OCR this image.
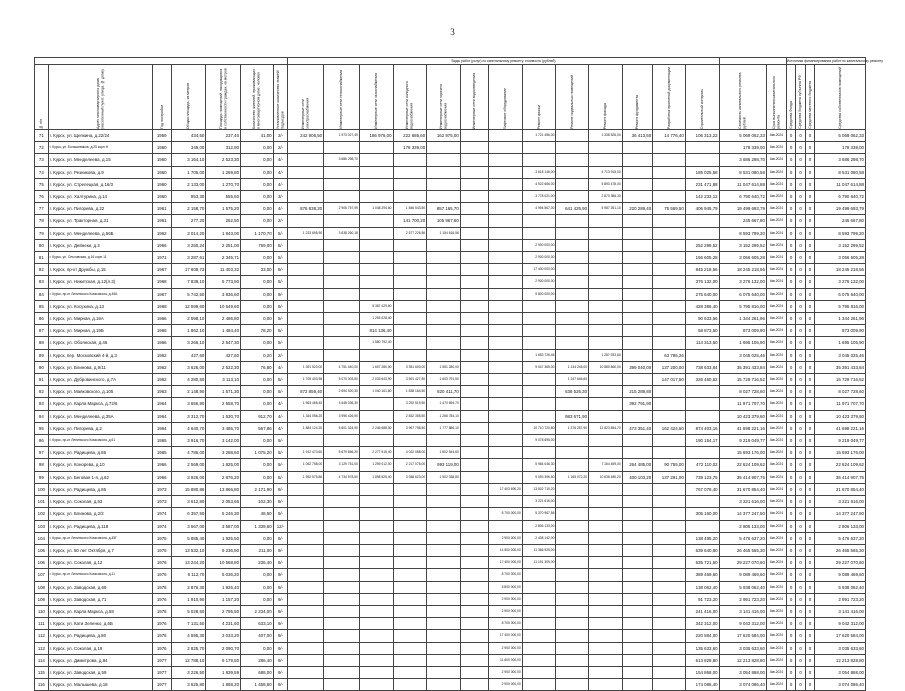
3
							Виды работ (услуг) по капитальному ремонту, стоимость (рублей)															Источники финансирования работ по капитальному ремонту			

№ п/п	Адрес многоквартирного дома (населенный пункт, улица, № дома)	Год постройки	Общая площадь, кв.метров	Площадь помещений, находящихся в собственности граждан, кв.метров	Количество жителей, проживающих в многоквартирном доме, человек	Установленное количество этажей/подъездов	Инженерные сети электроснабжения	Инженерные сети теплоснабжения	Инженерные сети газоснабжения	Инженерные сети холодного водоснабжения	Инженерные сети горячего водоснабжения	Инженерные сети водоотведения	Лифтовое оборудование	Ремонт крыши	Ремонт подвальных помещений	Ремонт фасада	Ремонт фундамента	Разработка проектной документации	Строительный контроль	Стоимость капитального ремонта, рублей	Срок выполнения капитального ремонта	Средства Фонда	Средства бюджета субъекта РФ	Средства местного бюджета	Средства собственников помещений

71	г. Курск, ул. Щепкина, д.22/24	1959	434,60	237,40	41,00	2/-	242 906,50	1 973 027,49	186 978,00	222 686,60	162 975,00			1 721 456,00		1 338 526,00	36 413,60	14 776,40	106 313,22	5 069 062,33	4кв.2024	0	0	0	5 069 062,33
72	г. Курск, ул. Большевиков, д.25 корп.Н	1960	349,00	312,90	0,00	2/-				178 339,00										178 339,00	4кв.2024	0	0	0	178 339,00
73	г. Курск, ул. Менделеева, д.15	1960	3 164,10	2 523,30	0,00	4/-		3 686 298,70												3 686 298,70	4кв.2024	0	0	0	3 686 298,70
74	г. Курск, ул. Резникова, д.9	1960	1 705,00	1 269,80	0,00	4/-								3 618 146,00		4 713 915,00			185 025,58	8 531 080,58	4кв.2024	0	0	0	8 531 080,58
75	г. Курск, ул. Стрелецкая, д.16/3	1960	2 133,00	1 270,70	0,00	4/-								4 922 666,00		5 893 478,00			231 471,88	11 047 614,88	4кв.2024	0	0	0	11 047 614,88
76	г. Курск, ул. Халтурина, д.14	1960	853,30	555,60	0,00	3/-								3 778 021,00		2 870 386,30			142 233,12	6 790 640,72	4кв.2024	0	0	0	6 790 640,72
77	г. Курск, ул. Пигорева, д.22	1961	2 158,70	1 575,20	0,00	4/-	876 838,20	2 905 757,99	1 048 294,60	1 846 543,50	857 165,70			4 994 567,00	641 425,90	5 987 251,10	220 289,40	75 569,50	406 945,79	19 499 693,79	4кв.2024	0	0	0	19 499 693,79
78	г. Курск, ул. Тракторная, д.31	1961	277,20	262,50	0,00	2/-				141 700,20	105 967,60									245 667,80	4кв.2024	0	0	0	245 667,80
79	г. Курск, ул. Менделеева, д.56Б	1962	3 014,20	1 843,00	1 170,70	5/-	1 223 695,90	3 638 260,18		2 577 226,56	1 154 616,56									8 593 799,20	4кв.2024	0	0	0	8 593 799,20
80	г. Курск, ул. Дейнеки, д.3	1966	3 250,24	2 251,00	769,00	5/-								2 900 000,00					252 299,52	3 152 299,52	4кв.2024	0	0	0	3 152 299,52
81	г. Курск, ул. Ольховская, д.16 корп.11	1971	3 287,61	2 345,71	0,00	5/-								2 900 000,00					156 605,28	3 056 605,28	4кв.2024	0	0	0	3 056 605,28
82	г. Курск, пр-кт Дружбы, д.15	1967	17 608,73	11 403,32	33,00	9/-								17 400 000,00					845 218,56	18 245 218,56	4кв.2024	0	0	0	18 245 218,56
83	г. Курск, ул. Никитская, д.12(л.3)	1968	7 838,10	5 773,50	0,00	5/-								2 900 000,00					376 132,00	3 276 132,00	4кв.2024	0	0	0	3 276 132,00
84	г. Курск, пр-кт Ленинского Комсомола, д.45А	1967	5 742,50	3 836,60	0,00	9/-								5 800 000,00					275 640,00	6 075 640,00	4кв.2024	0	0	0	6 075 640,00
85	г. Курск, ул. Косухина, д.13	1968	12 599,60	10 649,60	0,00	9/-			5 367 429,60										428 386,40	5 795 816,00	4кв.2024	0	0	0	5 795 816,00
86	г. Курск, ул. Мирная, д.19А	1966	2 598,10	2 486,80	0,00	5/-			1 253 028,40										90 633,56	1 344 261,96	4кв.2024	0	0	0	1 344 261,96
87	г. Курск, ул. Мирная, д.19Б	1966	1 862,10	1 484,40	78,20	5/-			814 136,40										58 873,50	873 009,90	4кв.2024	0	0	0	873 009,90
88	г. Курск, ул. Обоянская, д.46	1966	3 266,10	2 547,30	0,00	5/-			1 580 792,40										114 313,50	1 695 105,90	4кв.2024	0	0	0	1 695 105,90
89	г. Курск, пер. Московский 4-й, д.3	1962	427,60	427,60	0,20	2/-								1 653 726,46		1 287 933,60		63 796,26		3 045 025,46	4кв.2024	0	0	0	3 045 025,46
90	г. Курск, ул. Блинова, д.9/11	1962	3 626,00	2 522,30	76,80	4/-	1 391 520,00	4 751 440,00	1 607 280,00	3 351 600,00	1 551 280,00			9 047 365,00	1 134 245,00	10 880 860,00	399 040,00	137 200,00	738 633,84	35 391 433,84	4кв.2024	0	0	0	35 391 433,84
91	г. Курск, ул. Дубровинского, д.7А	1962	4 280,50	3 113,10	0,00	5/-	1 705 403,96	5 070 003,50	2 033 643,90	3 591 427,50	1 603 791,50				1 247 646,60			147 017,50	326 460,62	15 729 716,52	4кв.2024	0	0	0	15 729 716,52
92	г. Курск, ул. Маяковского, д.105	1963	2 148,90	1 571,30	0,00	5/-	872 859,40	2 694 920,30	1 040 161,80	1 838 164,50	820 411,70				638 526,30		215 289,80			8 027 728,60	4кв.2024	0	0	0	8 027 728,60
93	г. Курск, ул. Карла Маркса, д.72/6	1964	3 656,90	2 558,70	0,00	4/-	1 563 465,40	4 648 036,30		3 292 519,50	1 470 694,70						392 791,90			11 971 707,70	4кв.2024	0	0	0	11 971 707,70
94	г. Курск, ул. Менделеева, д.35А	1964	3 312,70	1 530,70	912,70	4/-	1 344 056,20	3 996 426,90		2 832 355,50	1 266 784,10				983 671,90					10 423 379,60	4кв.2024	0	0	0	10 423 379,60
95	г. Курск, ул. Пигорева, д.2	1964	4 640,70	3 486,70	567,86	4/-	1 884 124,20	5 601 324,90	2 246 688,30	3 967 798,50	1 777 886,10			10 710 720,80	1 376 257,90	12 823 854,70	473 351,40	162 424,50	874 403,16	41 698 221,16	4кв.2024	0	0	0	41 698 221,16
96	г. Курск, пр-кт Ленинского Комсомола, д.61	1965	3 916,70	3 142,00	0,00	5/-								9 078 695,00					190 154,17	9 219 049,77	4кв.2024	0	0	0	9 219 049,77
97	г. Курск, ул. Радищева, д.86	1965	4 786,00	3 288,60	1 075,20	5/-	1 912 473,60	5 679 656,20	2 277 515,40	4 022 088,00	1 802 544,60									15 693 176,00	4кв.2024	0	0	0	15 693 176,00
98	г. Курск, ул. Конорева, д.10	1966	2 569,00	1 825,00	0,00	5/-	1 052 758,00	3 129 751,00	1 259 012,00	2 217 075,00	993 119,00			5 984 046,30		7 164 459,00	264 485,00	90 755,00	472 110,02	22 624 109,62	4кв.2024	0	0	0	22 624 109,62
99	г. Курск, ул. Беговая 1-я, д.62	1966	3 926,00	2 876,20	0,00	5/-	1 592 575,86	4 734 578,50	1 898 525,40	3 358 623,00	1 502 338,80			9 053 396,50	1 165 072,20	10 838 480,20	400 103,20	137 291,00	739 123,75	35 414 907,75	4кв.2024	0	0	0	35 414 907,75
100	г. Курск, ул. Радищева, д.86	1973	15 880,86	13 866,80	2 171,90	9/-							17 403 690,20	13 502 715,20					767 078,40	31 670 854,40	4кв.2024	0	0	0	31 670 854,40
101	г. Курск, ул. Соколая, д.53	1973	3 612,80	2 053,66	102,30	9/-								3 221 616,00						3 221 616,00	4кв.2024	0	0	0	3 221 616,00
102	г. Курск, ул. Блинова, д.2/2	1974	6 357,50	5 246,30	48,50	9/-							8 700 000,00	5 370 987,56					305 160,00	14 377 247,50	4кв.2024	0	0	0	14 377 247,50
103	г. Курск, ул. Радищева, д.118	1974	3 567,00	3 587,00	1 339,60	12/-								2 806 133,00						2 806 133,00	4кв.2024	0	0	0	2 806 133,00
104	г. Курск, пр-кт Ленинского Комсомола, д.45Г	1975	5 885,40	1 925,50	0,00	9/-							2 900 000,00	2 438 142,00					138 495,20	5 476 637,20	4кв.2024	0	0	0	5 476 637,20
105	г. Курск, ул. 50 лет Октября, д.7	1975	13 532,10	9 236,90	211,00	9/-							14 500 000,00	11 366 925,00					639 640,80	26 465 565,30	4кв.2024	0	0	0	26 465 565,30
106	г. Курск, ул. Соколая, д.12	1976	13 244,20	10 568,80	236,40	9/-							17 400 000,00	11 191 309,00					635 721,60	29 227 070,60	4кв.2024	0	0	0	29 227 070,60
107	г. Курск, пр-кт Ленинского Комсомола, д.11	1976	6 112,70	5 036,20	0,00	9/-							8 700 000,00						389 469,60	9 089 469,60	4кв.2024	0	0	0	9 089 469,60
108	г. Курск, ул. Заводская, д.69	1976	2 876,30	1 926,40	0,00	9/-							5 800 000,00						138 062,40	5 938 062,40	4кв.2024	0	0	0	5 938 062,40
109	г. Курск, ул. Заводская, д.71	1976	1 910,90	1 157,20	0,00	9/-							2 900 000,00						91 723,20	2 991 723,20	4кв.2024	0	0	0	2 991 723,20
110	г. Курск, ул. Карла Маркса, д.58	1976	5 028,50	2 795,50	2 234,00	9/-							2 900 000,00						241 416,00	3 141 416,00	4кв.2024	0	0	0	3 141 416,00
111	г. Курск, ул. Кати Зеленко, д.6Б	1976	7 131,50	4 231,60	633,10	9/-							8 700 000,00						342 312,00	9 042 312,00	4кв.2024	0	0	0	9 042 312,00
112	г. Курск, ул. Радищева, д.80	1976	4 595,30	3 033,20	407,00	9/-							17 400 000,00						220 584,00	17 620 584,00	4кв.2024	0	0	0	17 620 584,00
113	г. Курск, ул. Соколая, д.19	1976	2 825,70	2 090,70	0,00	9/-							2 900 000,00						135 633,60	3 035 633,60	4кв.2024	0	0	0	3 035 633,60
114	г. Курск, ул. Димитрова, д.84	1977	12 788,10	9 179,50	286,40	9/-							11 600 000,00						613 828,80	12 213 828,80	4кв.2024	0	0	0	12 213 828,80
115	г. Курск, ул. Заводская, д.59	1977	3 226,50	1 839,59	688,00	9/-							2 900 000,00						154 868,00	3 054 868,00	4кв.2024	0	0	0	3 054 868,00
116	г. Курск, ул. Малышева, д.18	1977	3 625,80	1 868,20	1 458,60	9/-							2 900 000,00						174 086,40	3 074 086,40	4кв.2024	0	0	0	3 074 086,40
